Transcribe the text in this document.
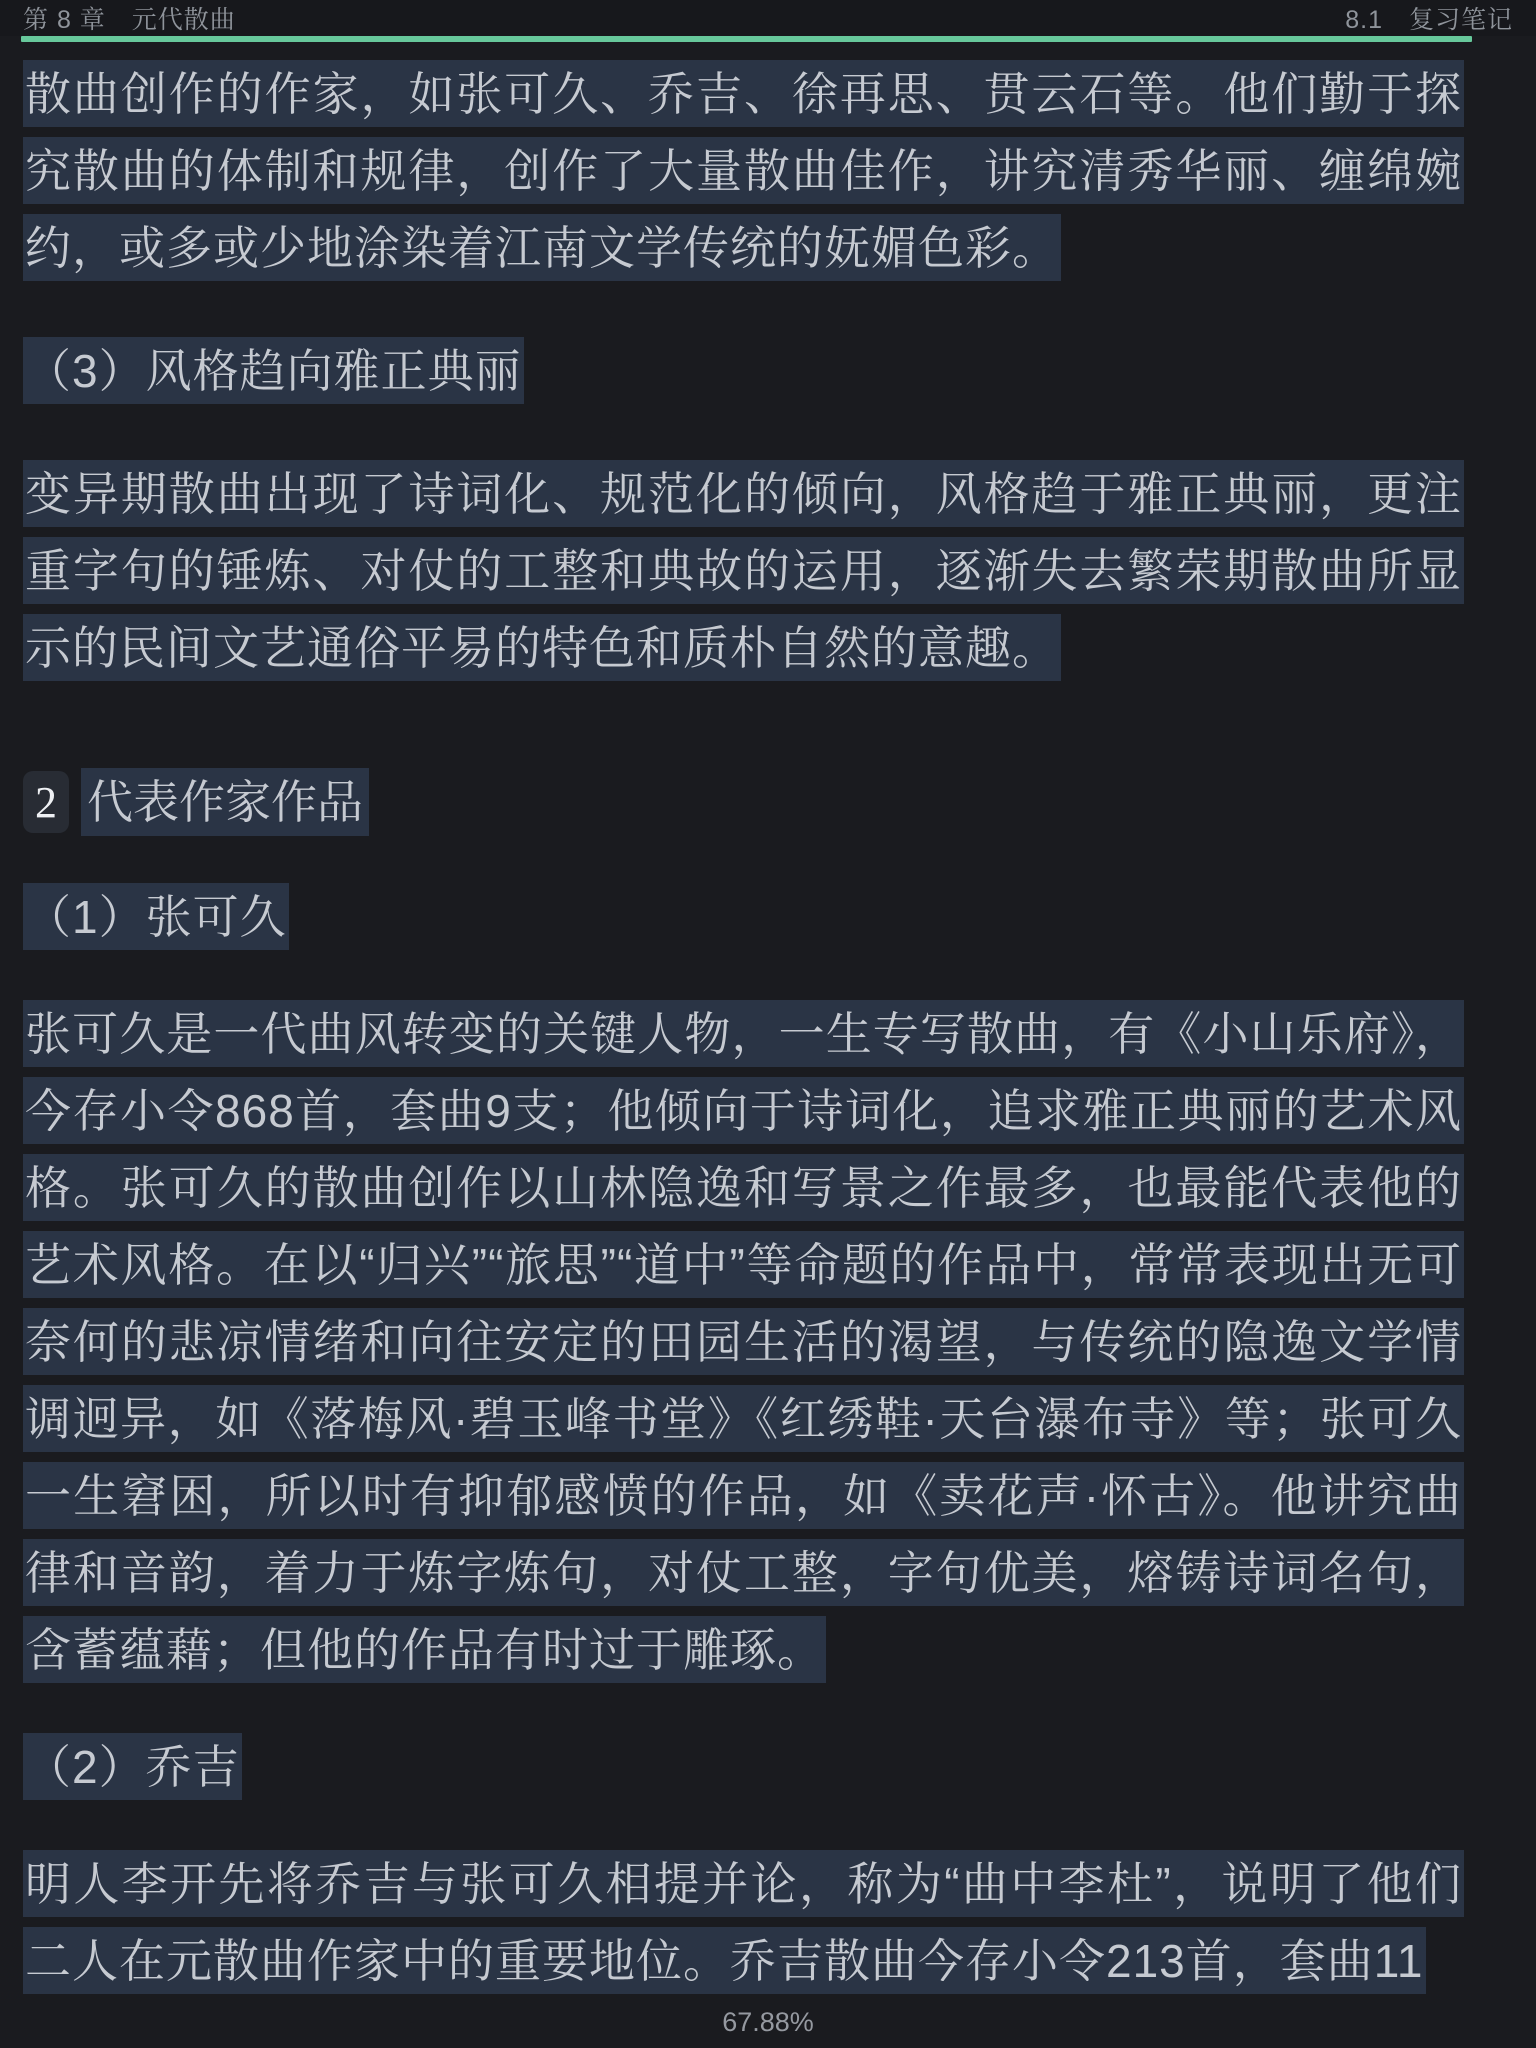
第 8 章　元代散曲	8.1　复习笔记

散曲创作的作家，如张可久、乔吉、徐再思、贯云石等。他们勤于探究散曲的体制和规律，创作了大量散曲佳作，讲究清秀华丽、缠绵婉约，或多或少地涂染着江南文学传统的妩媚色彩。

（3）风格趋向雅正典丽

变异期散曲出现了诗词化、规范化的倾向，风格趋于雅正典丽，更注重字句的锤炼、对仗的工整和典故的运用，逐渐失去繁荣期散曲所显示的民间文艺通俗平易的特色和质朴自然的意趣。

2 代表作家作品

（1）张可久

张可久是一代曲风转变的关键人物，一生专写散曲，有《小山乐府》，今存小令868首，套曲9支；他倾向于诗词化，追求雅正典丽的艺术风格。张可久的散曲创作以山林隐逸和写景之作最多，也最能代表他的艺术风格。在以“归兴”“旅思”“道中”等命题的作品中，常常表现出无可奈何的悲凉情绪和向往安定的田园生活的渴望，与传统的隐逸文学情调迥异，如《落梅风·碧玉峰书堂》《红绣鞋·天台瀑布寺》等；张可久一生窘困，所以时有抑郁感愤的作品，如《卖花声·怀古》。他讲究曲律和音韵，着力于炼字炼句，对仗工整，字句优美，熔铸诗词名句，含蓄蕴藉；但他的作品有时过于雕琢。

（2）乔吉

明人李开先将乔吉与张可久相提并论，称为“曲中李杜”，说明了他们二人在元散曲作家中的重要地位。乔吉散曲今存小令213首，套曲11

67.88%
